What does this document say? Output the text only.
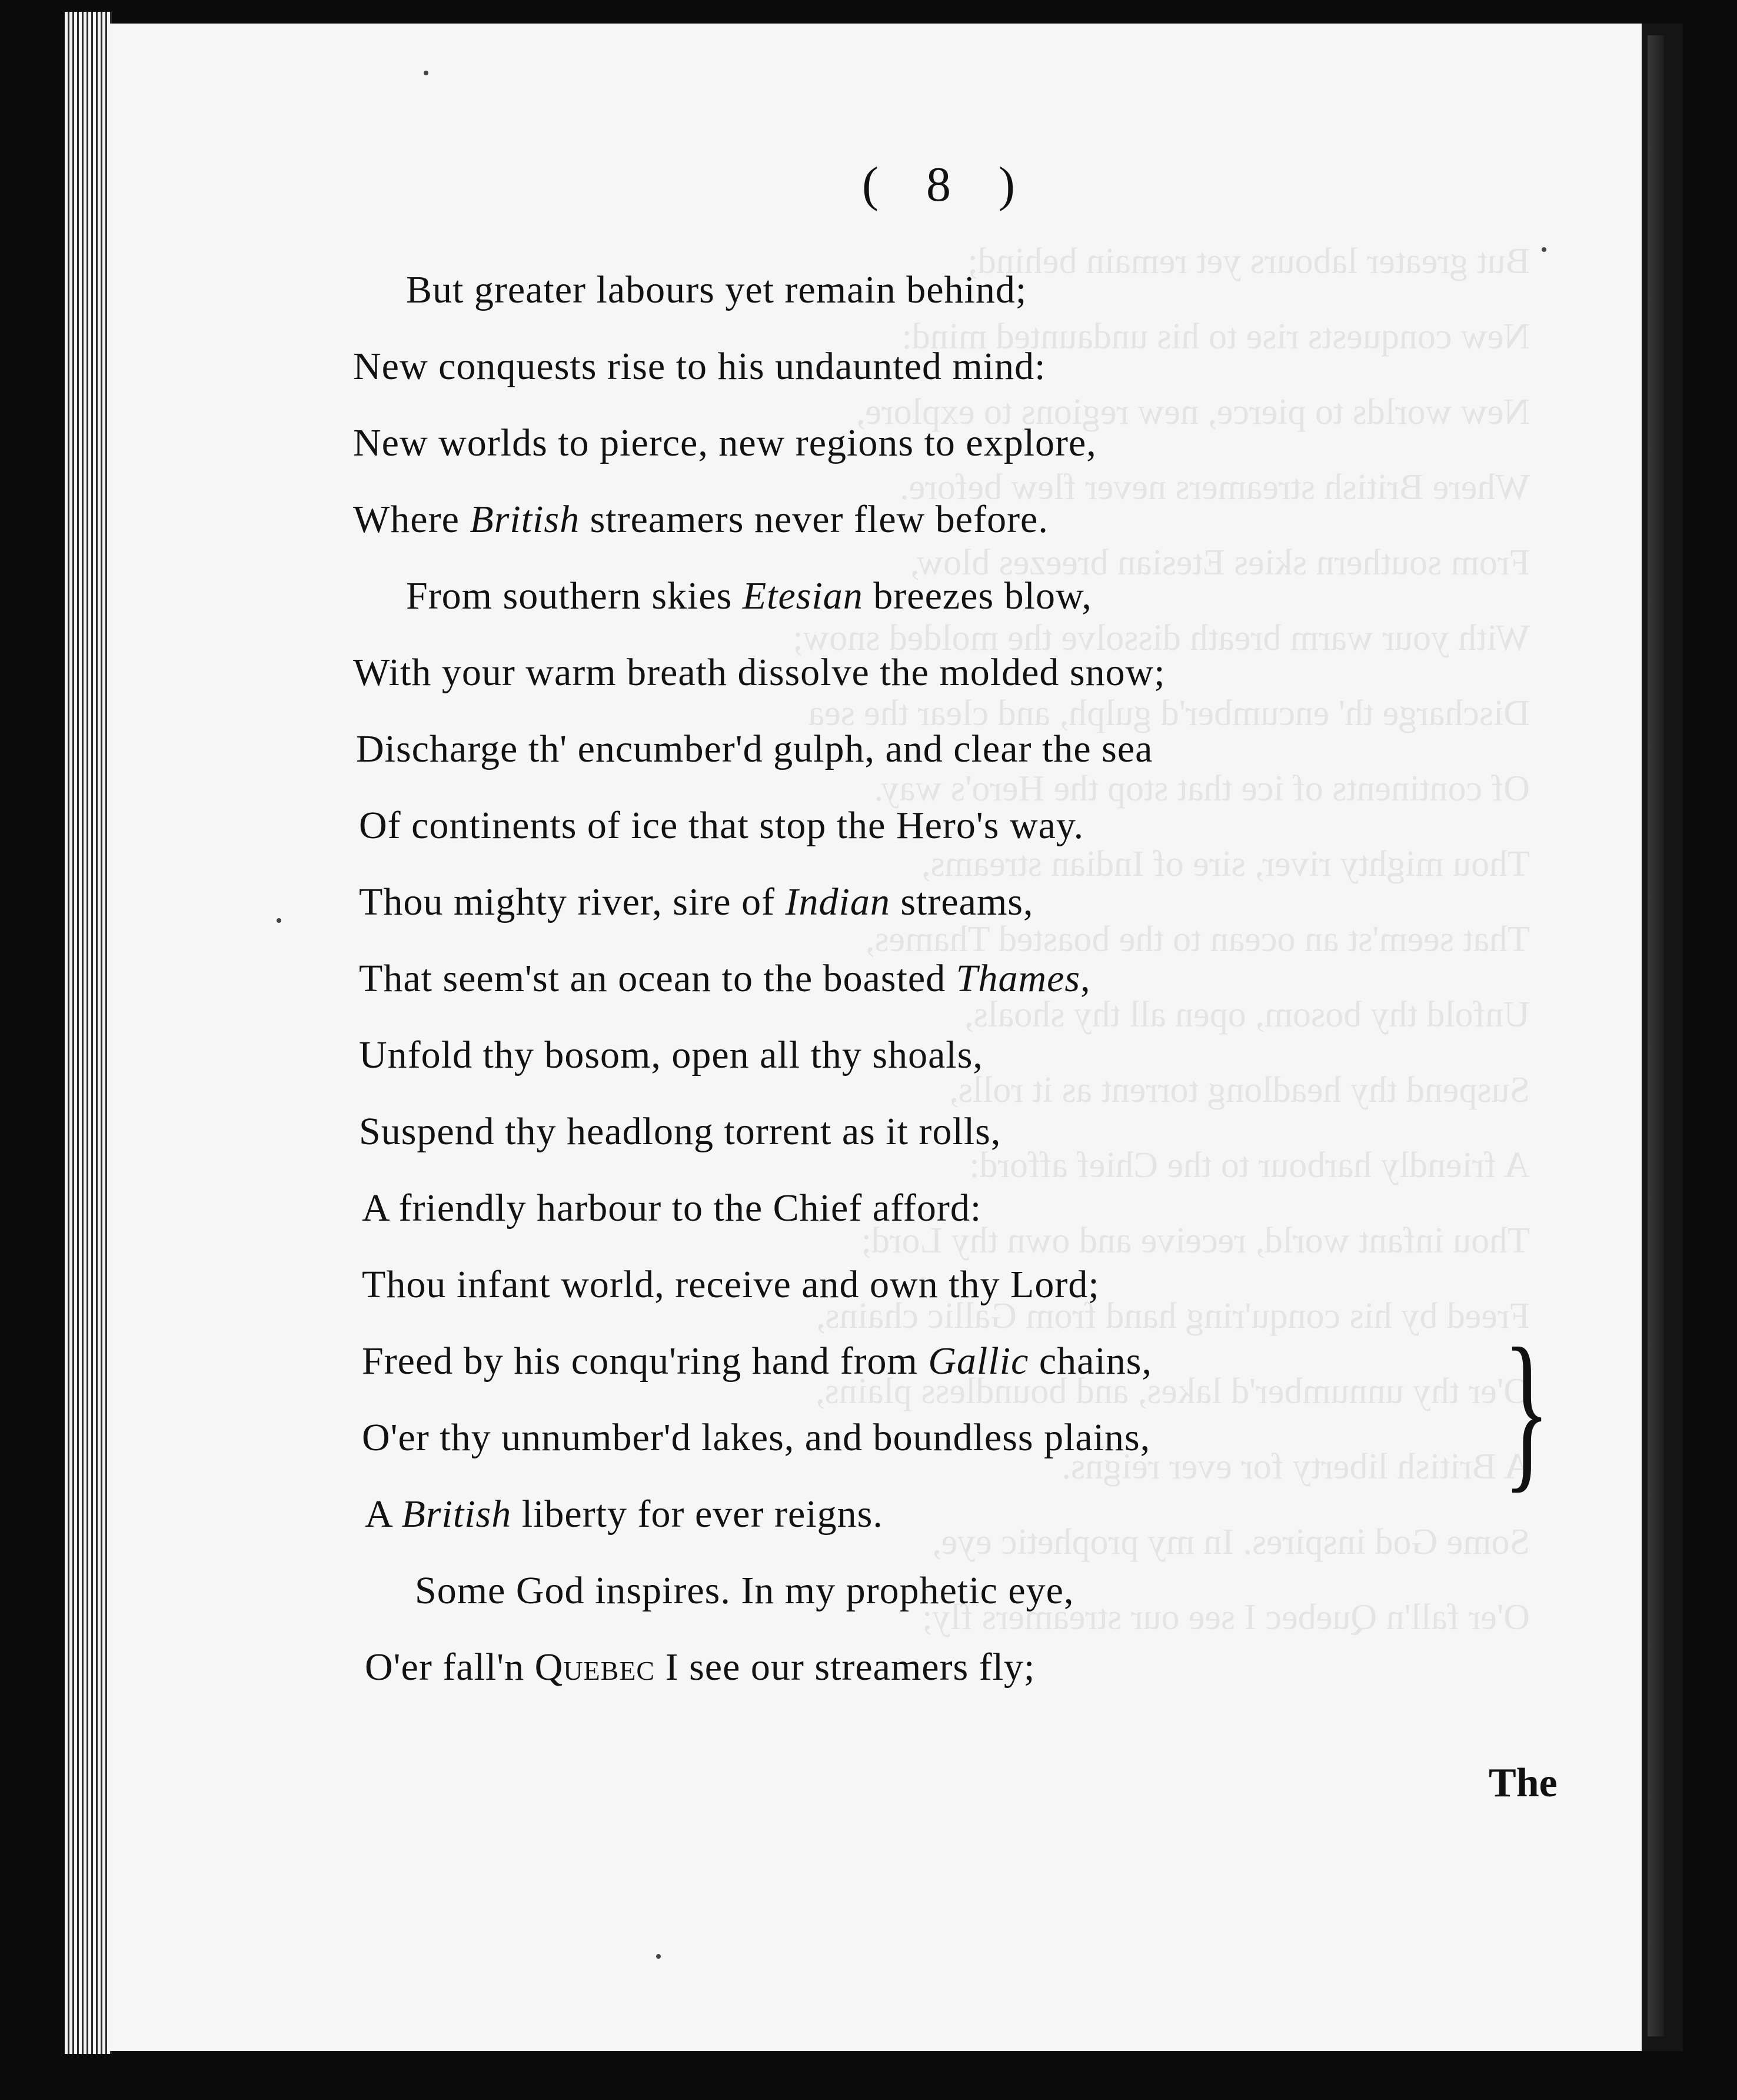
( 8 )
But greater labours yet remain behind;
New conquests rise to his undaunted mind:
New worlds to pierce, new regions to explore,
Where British streamers never flew before.
From southern skies Etesian breezes blow,
With your warm breath dissolve the molded snow;
Discharge th' encumber'd gulph, and clear the sea
Of continents of ice that stop the Hero's way.
Thou mighty river, sire of Indian streams,
That seem'st an ocean to the boasted Thames,
Unfold thy bosom, open all thy shoals,
Suspend thy headlong torrent as it rolls,
A friendly harbour to the Chief afford:
Thou infant world, receive and own thy Lord;
Freed by his conqu'ring hand from Gallic chains,
O'er thy unnumber'd lakes, and boundless plains,
A British liberty for ever reigns.
Some God inspires. In my prophetic eye,
O'er fall'n Quebec I see our streamers fly;
}
The
